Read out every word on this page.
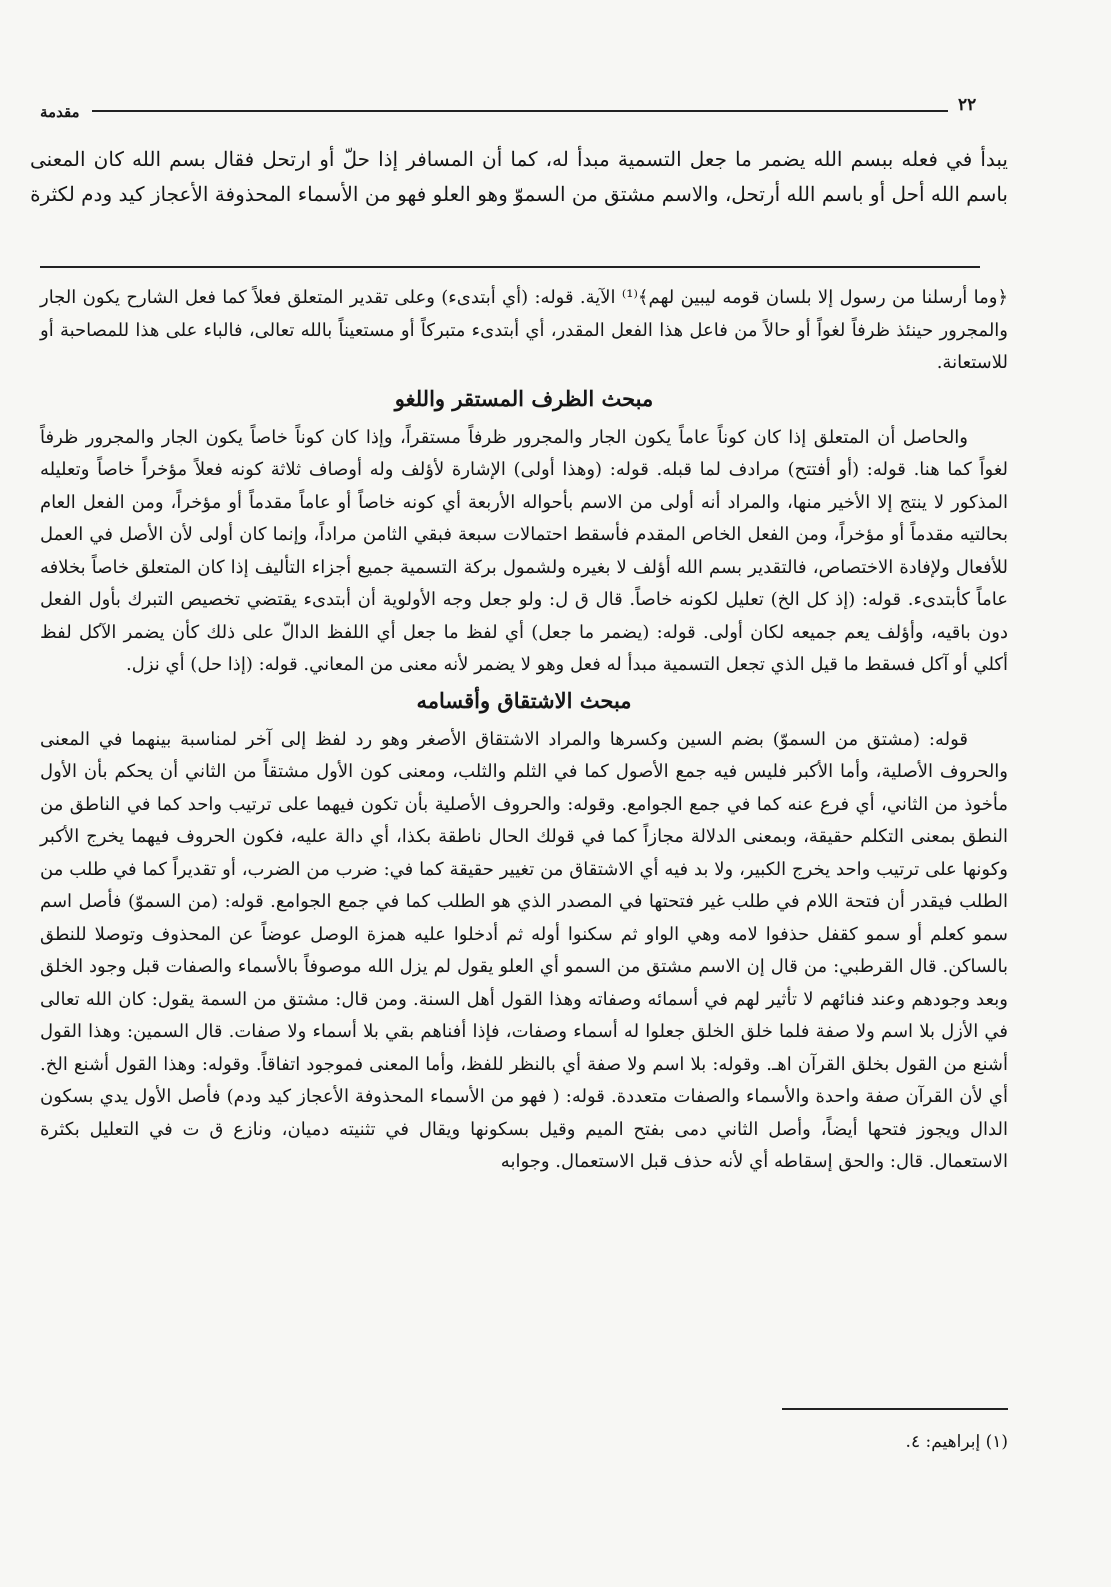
٢٢
مقدمة
يبدأ في فعله ببسم الله يضمر ما جعل التسمية مبدأ له، كما أن المسافر إذا حلّ أو ارتحل فقال بسم الله كان المعنى باسم الله أحل أو باسم الله أرتحل، والاسم مشتق من السموّ وهو العلو فهو من الأسماء المحذوفة الأعجاز كيد ودم لكثرة

﴿وما أرسلنا من رسول إلا بلسان قومه ليبين لهم﴾⁽¹⁾ الآية. قوله: (أي أبتدىء) وعلى تقدير المتعلق فعلاً كما فعل الشارح يكون الجار والمجرور حينئذ ظرفاً لغواً أو حالاً من فاعل هذا الفعل المقدر، أي أبتدىء متبركاً أو مستعيناً بالله تعالى، فالباء على هذا للمصاحبة أو للاستعانة.

مبحث الظرف المستقر واللغو

والحاصل أن المتعلق إذا كان كوناً عاماً يكون الجار والمجرور ظرفاً مستقراً، وإذا كان كوناً خاصاً يكون الجار والمجرور ظرفاً لغواً كما هنا. قوله: (أو أفتتح) مرادف لما قبله. قوله: (وهذا أولى) الإشارة لأؤلف وله أوصاف ثلاثة كونه فعلاً مؤخراً خاصاً وتعليله المذكور لا ينتج إلا الأخير منها، والمراد أنه أولى من الاسم بأحواله الأربعة أي كونه خاصاً أو عاماً مقدماً أو مؤخراً، ومن الفعل العام بحالتيه مقدماً أو مؤخراً، ومن الفعل الخاص المقدم فأسقط احتمالات سبعة فبقي الثامن مراداً، وإنما كان أولى لأن الأصل في العمل للأفعال ولإفادة الاختصاص، فالتقدير بسم الله أؤلف لا بغيره ولشمول بركة التسمية جميع أجزاء التأليف إذا كان المتعلق خاصاً بخلافه عاماً كأبتدىء. قوله: (إذ كل الخ) تعليل لكونه خاصاً. قال ق ل: ولو جعل وجه الأولوية أن أبتدىء يقتضي تخصيص التبرك بأول الفعل دون باقيه، وأؤلف يعم جميعه لكان أولى. قوله: (يضمر ما جعل) أي لفظ ما جعل أي اللفظ الدالّ على ذلك كأن يضمر الآكل لفظ أكلي أو آكل فسقط ما قيل الذي تجعل التسمية مبدأ له فعل وهو لا يضمر لأنه معنى من المعاني. قوله: (إذا حل) أي نزل.

مبحث الاشتقاق وأقسامه

قوله: (مشتق من السموّ) بضم السين وكسرها والمراد الاشتقاق الأصغر وهو رد لفظ إلى آخر لمناسبة بينهما في المعنى والحروف الأصلية، وأما الأكبر فليس فيه جمع الأصول كما في الثلم والثلب، ومعنى كون الأول مشتقاً من الثاني أن يحكم بأن الأول مأخوذ من الثاني، أي فرع عنه كما في جمع الجوامع. وقوله: والحروف الأصلية بأن تكون فيهما على ترتيب واحد كما في الناطق من النطق بمعنى التكلم حقيقة، وبمعنى الدلالة مجازاً كما في قولك الحال ناطقة بكذا، أي دالة عليه، فكون الحروف فيهما يخرج الأكبر وكونها على ترتيب واحد يخرج الكبير، ولا بد فيه أي الاشتقاق من تغيير حقيقة كما في: ضرب من الضرب، أو تقديراً كما في طلب من الطلب فيقدر أن فتحة اللام في طلب غير فتحتها في المصدر الذي هو الطلب كما في جمع الجوامع. قوله: (من السموّ) فأصل اسم سمو كعلم أو سمو كقفل حذفوا لامه وهي الواو ثم سكنوا أوله ثم أدخلوا عليه همزة الوصل عوضاً عن المحذوف وتوصلا للنطق بالساكن. قال القرطبي: من قال إن الاسم مشتق من السمو أي العلو يقول لم يزل الله موصوفاً بالأسماء والصفات قبل وجود الخلق وبعد وجودهم وعند فنائهم لا تأثير لهم في أسمائه وصفاته وهذا القول أهل السنة. ومن قال: مشتق من السمة يقول: كان الله تعالى في الأزل بلا اسم ولا صفة فلما خلق الخلق جعلوا له أسماء وصفات، فإذا أفناهم بقي بلا أسماء ولا صفات. قال السمين: وهذا القول أشنع من القول بخلق القرآن اهـ. وقوله: بلا اسم ولا صفة أي بالنظر للفظ، وأما المعنى فموجود اتفاقاً. وقوله: وهذا القول أشنع الخ. أي لأن القرآن صفة واحدة والأسماء والصفات متعددة. قوله: ( فهو من الأسماء المحذوفة الأعجاز كيد ودم) فأصل الأول يدي بسكون الدال ويجوز فتحها أيضاً، وأصل الثاني دمى بفتح الميم وقيل بسكونها ويقال في تثنيته دميان، ونازع ق ت في التعليل بكثرة الاستعمال. قال: والحق إسقاطه أي لأنه حذف قبل الاستعمال. وجوابه

(١) إبراهيم: ٤.
